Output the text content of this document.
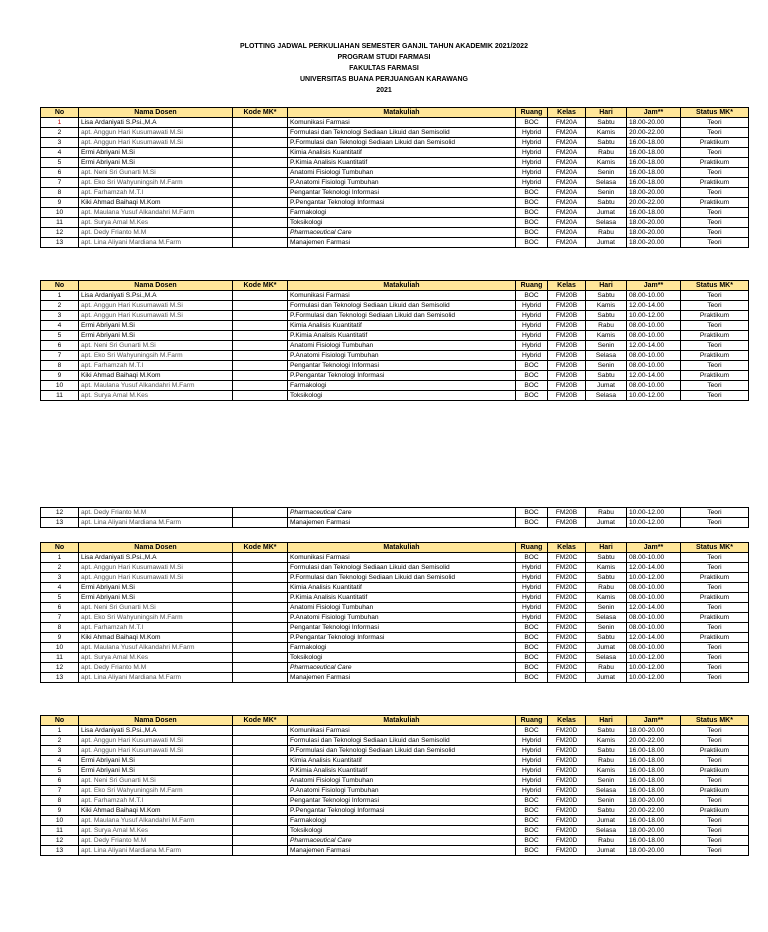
PLOTTING JADWAL PERKULIAHAN SEMESTER GANJIL TAHUN AKADEMIK 2021/2022
PROGRAM STUDI FARMASI
FAKULTAS FARMASI
UNIVERSITAS BUANA PERJUANGAN KARAWANG
2021
No	Nama Dosen	Kode MK*	Matakuliah	Ruang	Kelas	Hari	Jam**	Status MK*
1	Lisa Ardaniyati S.Psi.,M.A		Komunikasi Farmasi	BOC	FM20A	Sabtu	18.00-20.00	Teori
2	apt. Anggun Hari Kusumawati M.Si		Formulasi dan Teknologi Sediaan Likuid dan Semisolid	Hybrid	FM20A	Kamis	20.00-22.00	Teori
3	apt. Anggun Hari Kusumawati M.Si		P.Formulasi dan Teknologi Sediaan Likuid dan Semisolid	Hybrid	FM20A	Sabtu	16.00-18.00	Praktikum
4	Ermi Abriyani M.Si		Kimia Analisis Kuantitatif	Hybrid	FM20A	Rabu	16.00-18.00	Teori
5	Ermi Abriyani M.Si		P.Kimia Analisis Kuantitatif	Hybrid	FM20A	Kamis	16.00-18.00	Praktikum
6	apt. Neni Sri Gunarti M.Si		Anatomi Fisiologi Tumbuhan	Hybrid	FM20A	Senin	16.00-18.00	Teori
7	apt. Eko Sri Wahyuningsih M.Farm		P.Anatomi Fisiologi Tumbuhan	Hybrid	FM20A	Selasa	16.00-18.00	Praktikum
8	apt. Farhamzah M.T.I		Pengantar Teknologi Informasi	BOC	FM20A	Senin	18.00-20.00	Teori
9	Kiki Ahmad Baihaqi M.Kom		P.Pengantar Teknologi Informasi	BOC	FM20A	Sabtu	20.00-22.00	Praktikum
10	apt. Maulana Yusuf Alkandahri M.Farm		Farmakologi	BOC	FM20A	Jumat	16.00-18.00	Teori
11	apt. Surya Amal M.Kes		Toksikologi	BOC	FM20A	Selasa	18.00-20.00	Teori
12	apt. Dedy Frianto M.M		Pharmaceutical Care	BOC	FM20A	Rabu	18.00-20.00	Teori
13	apt. Lina Aliyani Mardiana M.Farm		Manajemen Farmasi	BOC	FM20A	Jumat	18.00-20.00	Teori
No	Nama Dosen	Kode MK*	Matakuliah	Ruang	Kelas	Hari	Jam**	Status MK*
1	Lisa Ardaniyati S.Psi.,M.A		Komunikasi Farmasi	BOC	FM20B	Sabtu	08.00-10.00	Teori
2	apt. Anggun Hari Kusumawati M.Si		Formulasi dan Teknologi Sediaan Likuid dan Semisolid	Hybrid	FM20B	Kamis	12.00-14.00	Teori
3	apt. Anggun Hari Kusumawati M.Si		P.Formulasi dan Teknologi Sediaan Likuid dan Semisolid	Hybrid	FM20B	Sabtu	10.00-12.00	Praktikum
4	Ermi Abriyani M.Si		Kimia Analisis Kuantitatif	Hybrid	FM20B	Rabu	08.00-10.00	Teori
5	Ermi Abriyani M.Si		P.Kimia Analisis Kuantitatif	Hybrid	FM20B	Kamis	08.00-10.00	Praktikum
6	apt. Neni Sri Gunarti M.Si		Anatomi Fisiologi Tumbuhan	Hybrid	FM20B	Senin	12.00-14.00	Teori
7	apt. Eko Sri Wahyuningsih M.Farm		P.Anatomi Fisiologi Tumbuhan	Hybrid	FM20B	Selasa	08.00-10.00	Praktikum
8	apt. Farhamzah M.T.I		Pengantar Teknologi Informasi	BOC	FM20B	Senin	08.00-10.00	Teori
9	Kiki Ahmad Baihaqi M.Kom		P.Pengantar Teknologi Informasi	BOC	FM20B	Sabtu	12.00-14.00	Praktikum
10	apt. Maulana Yusuf Alkandahri M.Farm		Farmakologi	BOC	FM20B	Jumat	08.00-10.00	Teori
11	apt. Surya Amal M.Kes		Toksikologi	BOC	FM20B	Selasa	10.00-12.00	Teori
12	apt. Dedy Frianto M.M		Pharmaceutical Care	BOC	FM20B	Rabu	10.00-12.00	Teori
13	apt. Lina Aliyani Mardiana M.Farm		Manajemen Farmasi	BOC	FM20B	Jumat	10.00-12.00	Teori
No	Nama Dosen	Kode MK*	Matakuliah	Ruang	Kelas	Hari	Jam**	Status MK*
1	Lisa Ardaniyati S.Psi.,M.A		Komunikasi Farmasi	BOC	FM20C	Sabtu	08.00-10.00	Teori
2	apt. Anggun Hari Kusumawati M.Si		Formulasi dan Teknologi Sediaan Likuid dan Semisolid	Hybrid	FM20C	Kamis	12.00-14.00	Teori
3	apt. Anggun Hari Kusumawati M.Si		P.Formulasi dan Teknologi Sediaan Likuid dan Semisolid	Hybrid	FM20C	Sabtu	10.00-12.00	Praktikum
4	Ermi Abriyani M.Si		Kimia Analisis Kuantitatif	Hybrid	FM20C	Rabu	08.00-10.00	Teori
5	Ermi Abriyani M.Si		P.Kimia Analisis Kuantitatif	Hybrid	FM20C	Kamis	08.00-10.00	Praktikum
6	apt. Neni Sri Gunarti M.Si		Anatomi Fisiologi Tumbuhan	Hybrid	FM20C	Senin	12.00-14.00	Teori
7	apt. Eko Sri Wahyuningsih M.Farm		P.Anatomi Fisiologi Tumbuhan	Hybrid	FM20C	Selasa	08.00-10.00	Praktikum
8	apt. Farhamzah M.T.I		Pengantar Teknologi Informasi	BOC	FM20C	Senin	08.00-10.00	Teori
9	Kiki Ahmad Baihaqi M.Kom		P.Pengantar Teknologi Informasi	BOC	FM20C	Sabtu	12.00-14.00	Praktikum
10	apt. Maulana Yusuf Alkandahri M.Farm		Farmakologi	BOC	FM20C	Jumat	08.00-10.00	Teori
11	apt. Surya Amal M.Kes		Toksikologi	BOC	FM20C	Selasa	10.00-12.00	Teori
12	apt. Dedy Frianto M.M		Pharmaceutical Care	BOC	FM20C	Rabu	10.00-12.00	Teori
13	apt. Lina Aliyani Mardiana M.Farm		Manajemen Farmasi	BOC	FM20C	Jumat	10.00-12.00	Teori
No	Nama Dosen	Kode MK*	Matakuliah	Ruang	Kelas	Hari	Jam**	Status MK*
1	Lisa Ardaniyati S.Psi.,M.A		Komunikasi Farmasi	BOC	FM20D	Sabtu	18.00-20.00	Teori
2	apt. Anggun Hari Kusumawati M.Si		Formulasi dan Teknologi Sediaan Likuid dan Semisolid	Hybrid	FM20D	Kamis	20.00-22.00	Teori
3	apt. Anggun Hari Kusumawati M.Si		P.Formulasi dan Teknologi Sediaan Likuid dan Semisolid	Hybrid	FM20D	Sabtu	16.00-18.00	Praktikum
4	Ermi Abriyani M.Si		Kimia Analisis Kuantitatif	Hybrid	FM20D	Rabu	16.00-18.00	Teori
5	Ermi Abriyani M.Si		P.Kimia Analisis Kuantitatif	Hybrid	FM20D	Kamis	16.00-18.00	Praktikum
6	apt. Neni Sri Gunarti M.Si		Anatomi Fisiologi Tumbuhan	Hybrid	FM20D	Senin	16.00-18.00	Teori
7	apt. Eko Sri Wahyuningsih M.Farm		P.Anatomi Fisiologi Tumbuhan	Hybrid	FM20D	Selasa	16.00-18.00	Praktikum
8	apt. Farhamzah M.T.I		Pengantar Teknologi Informasi	BOC	FM20D	Senin	18.00-20.00	Teori
9	Kiki Ahmad Baihaqi M.Kom		P.Pengantar Teknologi Informasi	BOC	FM20D	Sabtu	20.00-22.00	Praktikum
10	apt. Maulana Yusuf Alkandahri M.Farm		Farmakologi	BOC	FM20D	Jumat	16.00-18.00	Teori
11	apt. Surya Amal M.Kes		Toksikologi	BOC	FM20D	Selasa	18.00-20.00	Teori
12	apt. Dedy Frianto M.M		Pharmaceutical Care	BOC	FM20D	Rabu	16.00-18.00	Teori
13	apt. Lina Aliyani Mardiana M.Farm		Manajemen Farmasi	BOC	FM20D	Jumat	18.00-20.00	Teori
